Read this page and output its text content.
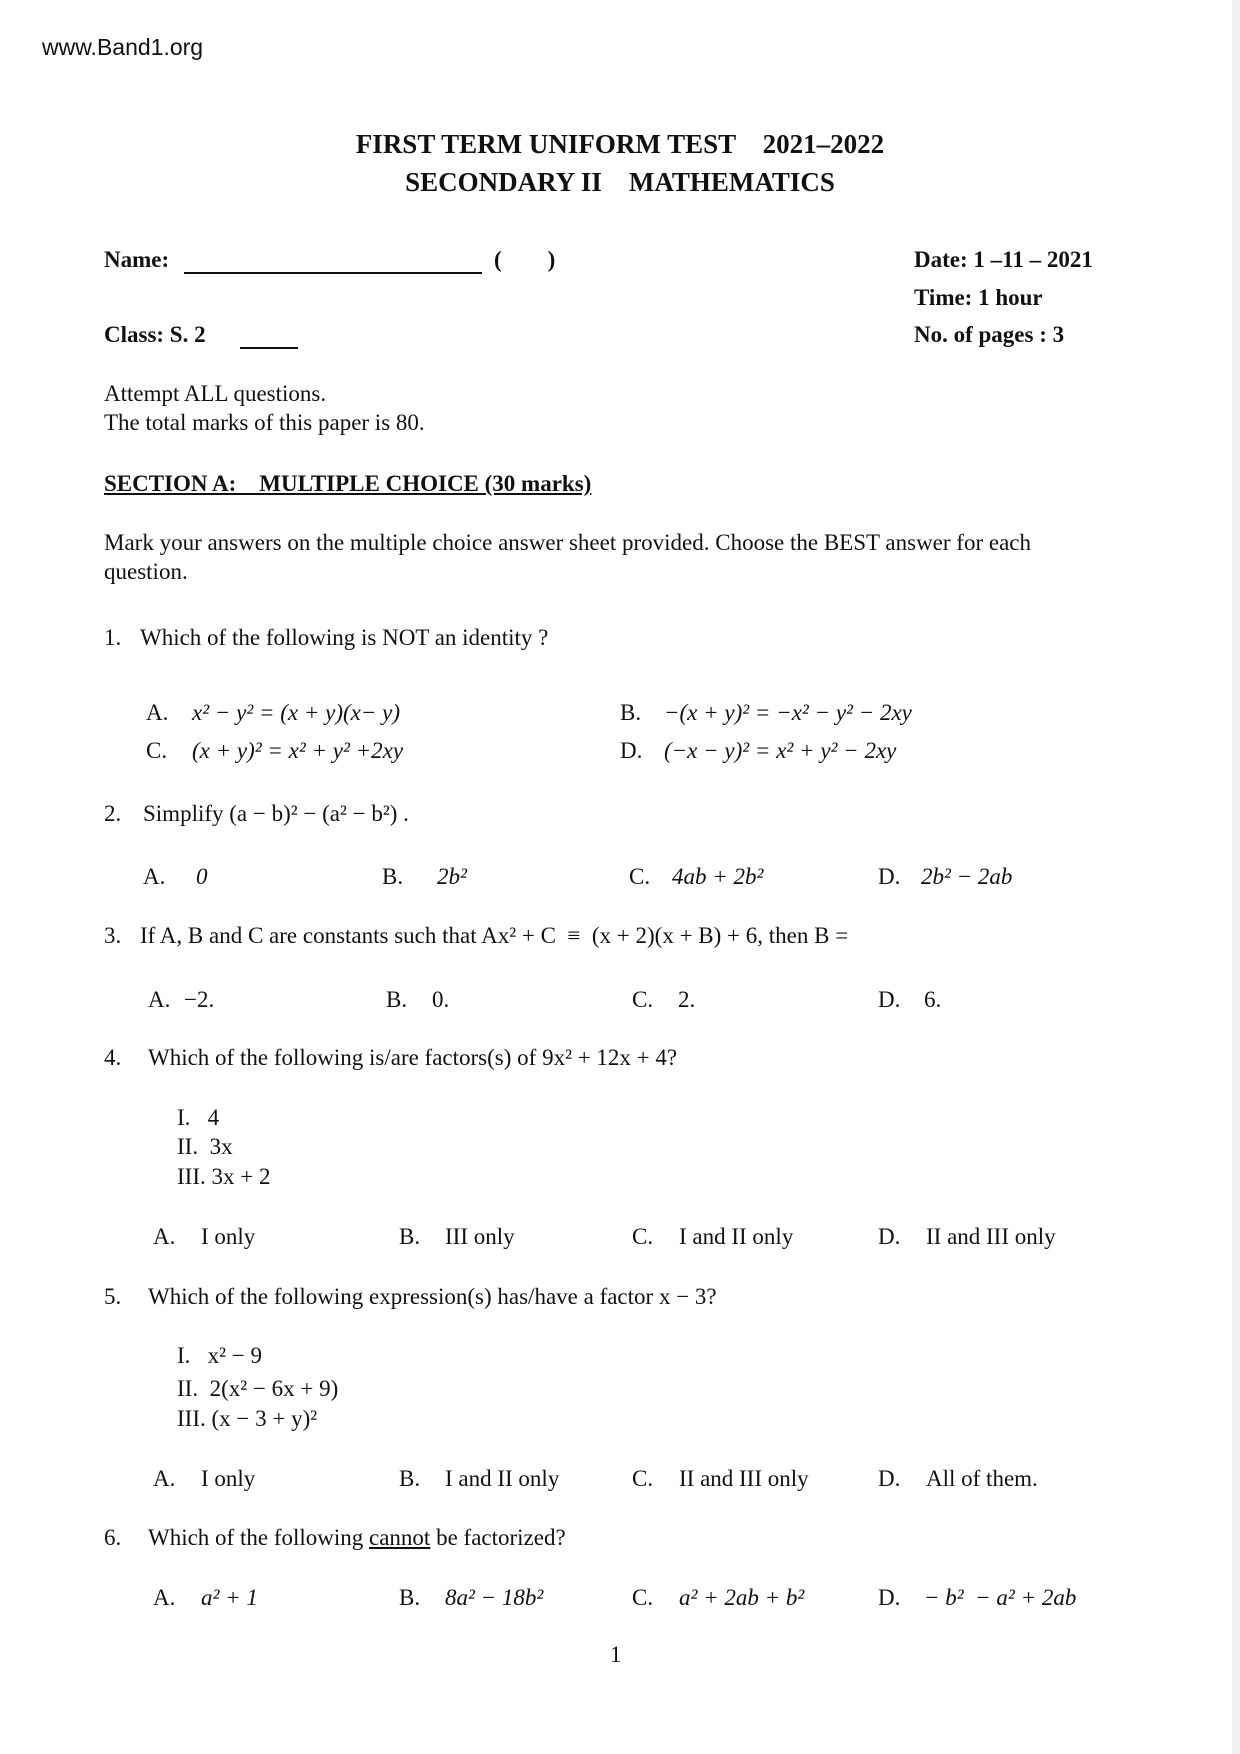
www.Band1.org
FIRST TERM UNIFORM TEST    2021–2022
SECONDARY II    MATHEMATICS
Name:	(        )	Date: 1 –11 – 2021
Time: 1 hour
Class: S. 2	No. of pages : 3
Attempt ALL questions.
The total marks of this paper is 80.
SECTION A:    MULTIPLE CHOICE (30 marks)
Mark your answers on the multiple choice answer sheet provided. Choose the BEST answer for each
question.
1. Which of the following is NOT an identity ?
A. x² − y² = (x + y)(x− y)	B. −(x + y)² = −x² − y² − 2xy
C. (x + y)² = x² + y² +2xy	D. (−x − y)² = x² + y² − 2xy
2. Simplify (a − b)² − (a² − b²) .
A. 0	B. 2b²	C. 4ab + 2b²	D. 2b² − 2ab
3. If A, B and C are constants such that Ax² + C  ≡  (x + 2)(x + B) + 6, then B =
A. −2.	B. 0.	C. 2.	D. 6.
4. Which of the following is/are factors(s) of 9x² + 12x + 4?
I.   4
II.  3x
III. 3x + 2
A. I only	B. III only	C. I and II only	D. II and III only
5. Which of the following expression(s) has/have a factor x − 3?
I.   x² − 9
II.  2(x² − 6x + 9)
III. (x − 3 + y)²
A. I only	B. I and II only	C. II and III only	D. All of them.
6. Which of the following cannot be factorized?
A. a² + 1	B. 8a² − 18b²	C. a² + 2ab + b²	D. − b²  − a² + 2ab
1
